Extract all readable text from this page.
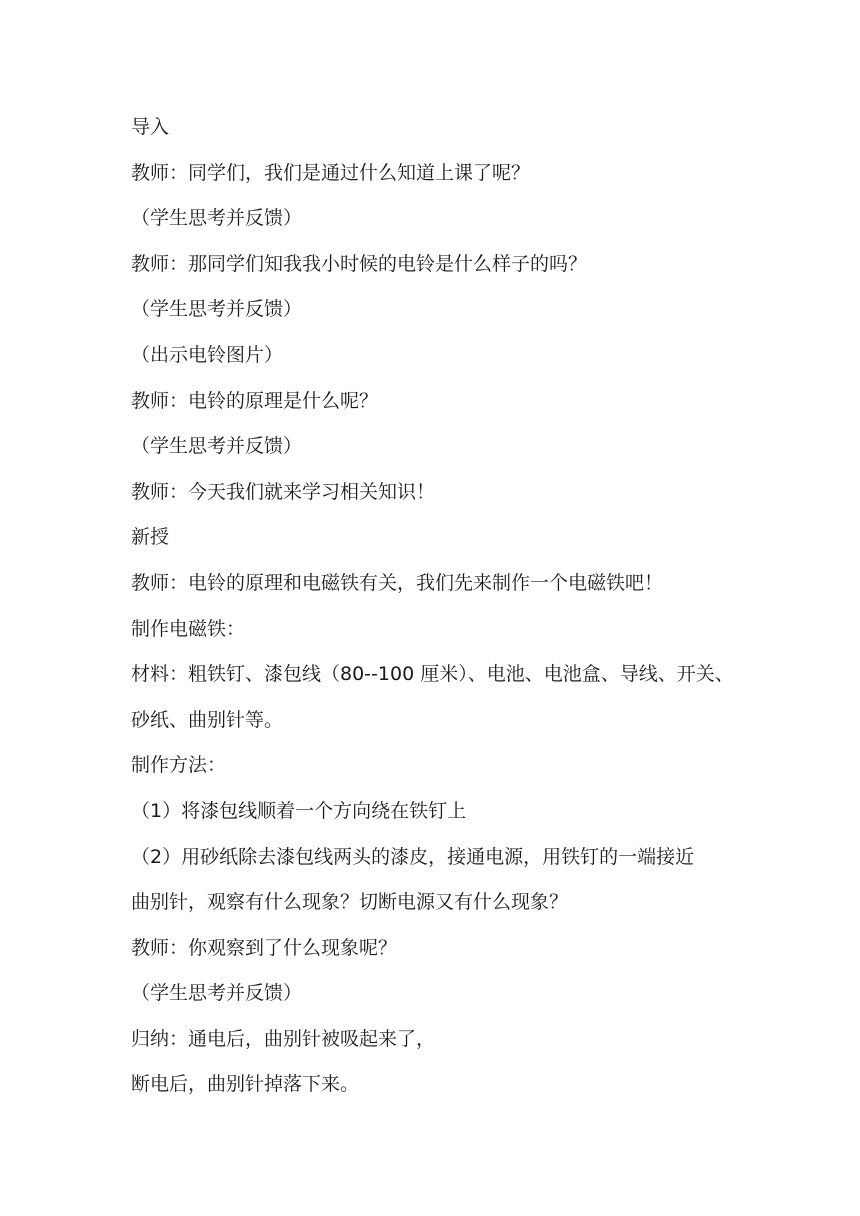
导入
教师：同学们，我们是通过什么知道上课了呢？
（学生思考并反馈）
教师：那同学们知我我小时候的电铃是什么样子的吗？
（学生思考并反馈）
（出示电铃图片）
教师：电铃的原理是什么呢？
（学生思考并反馈）
教师：今天我们就来学习相关知识！
新授
教师：电铃的原理和电磁铁有关，我们先来制作一个电磁铁吧！
制作电磁铁：
材料：粗铁钉、漆包线（80--100 厘米）、电池、电池盒、导线、开关、
砂纸、曲别针等。
制作方法：
（1）将漆包线顺着一个方向绕在铁钉上
（2）用砂纸除去漆包线两头的漆皮，接通电源，用铁钉的一端接近
曲别针，观察有什么现象？切断电源又有什么现象？
教师：你观察到了什么现象呢？
（学生思考并反馈）
归纳：通电后，曲别针被吸起来了，
断电后，曲别针掉落下来。
